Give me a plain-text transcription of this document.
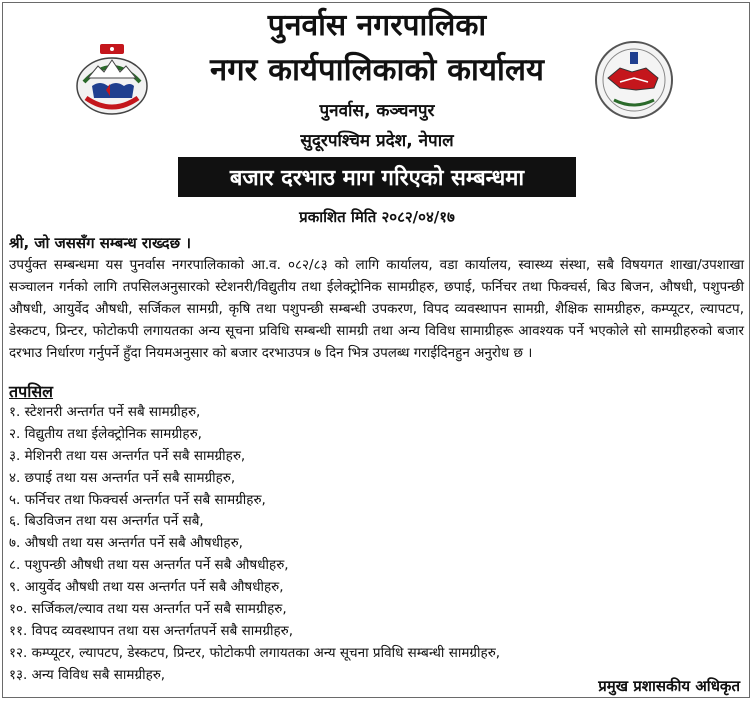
पुनर्वास नगरपालिका
नगर कार्यपालिकाको कार्यालय
पुनर्वास, कञ्चनपुर
सुदूरपश्चिम प्रदेश, नेपाल
बजार दरभाउ माग गरिएको सम्बन्धमा
प्रकाशित मिति २०८२/०४/१७
श्री, जो जससँग सम्बन्ध राख्दछ ।
उपर्युक्त सम्बन्धमा यस पुनर्वास नगरपालिकाको आ.व. ०८२/८३ को लागि कार्यालय, वडा कार्यालय, स्वास्थ्य संस्था, सबै विषयगत शाखा/उपशाखा सञ्चालन गर्नको लागि तपसिलअनुसारको स्टेशनरी/विद्युतीय तथा ईलेक्ट्रोनिक सामग्रीहरु, छपाई, फर्निचर तथा फिक्चर्स, बिउ बिजन, औषधी, पशुपन्छी औषधी, आयुर्वेद औषधी, सर्जिकल सामग्री, कृषि तथा पशुपन्छी सम्बन्धी उपकरण, विपद व्यवस्थापन सामग्री, शैक्षिक सामग्रीहरु, कम्प्यूटर, ल्यापटप, डेस्कटप, प्रिन्टर, फोटोकपी लगायतका अन्य सूचना प्रविधि सम्बन्धी सामग्री तथा अन्य विविध सामाग्रीहरू आवश्यक पर्ने भएकोले सो सामग्रीहरुको बजार दरभाउ निर्धारण गर्नुपर्ने हुँदा नियमअनुसार को बजार दरभाउपत्र ७ दिन भित्र उपलब्ध गराईदिनहुन अनुरोध छ ।
तपसिल
१. स्टेशनरी अन्तर्गत पर्ने सबै सामग्रीहरु,
२. विद्युतीय तथा ईलेक्ट्रोनिक सामग्रीहरु,
३. मेशिनरी तथा यस अन्तर्गत पर्ने सबै सामग्रीहरु,
४. छपाई तथा यस अन्तर्गत पर्ने सबै सामग्रीहरु,
५. फर्निचर तथा फिक्चर्स अन्तर्गत पर्ने सबै सामग्रीहरु,
६. बिउविजन तथा यस अन्तर्गत पर्ने सबै,
७. औषधी तथा यस अन्तर्गत पर्ने सबै औषधीहरु,
८. पशुपन्छी औषधी तथा यस अन्तर्गत पर्ने सबै औषधीहरु,
९. आयुर्वेद औषधी तथा यस अन्तर्गत पर्ने सबै औषधीहरु,
१०. सर्जिकल/ल्याव तथा यस अन्तर्गत पर्ने सबै सामग्रीहरु,
११. विपद व्यवस्थापन तथा यस अन्तर्गतपर्ने सबै सामग्रीहरु,
१२. कम्प्यूटर, ल्यापटप, डेस्कटप, प्रिन्टर, फोटोकपी लगायतका अन्य सूचना प्रविधि सम्बन्धी सामग्रीहरु,
१३. अन्य विविध सबै सामग्रीहरु,
प्रमुख प्रशासकीय अधिकृत
